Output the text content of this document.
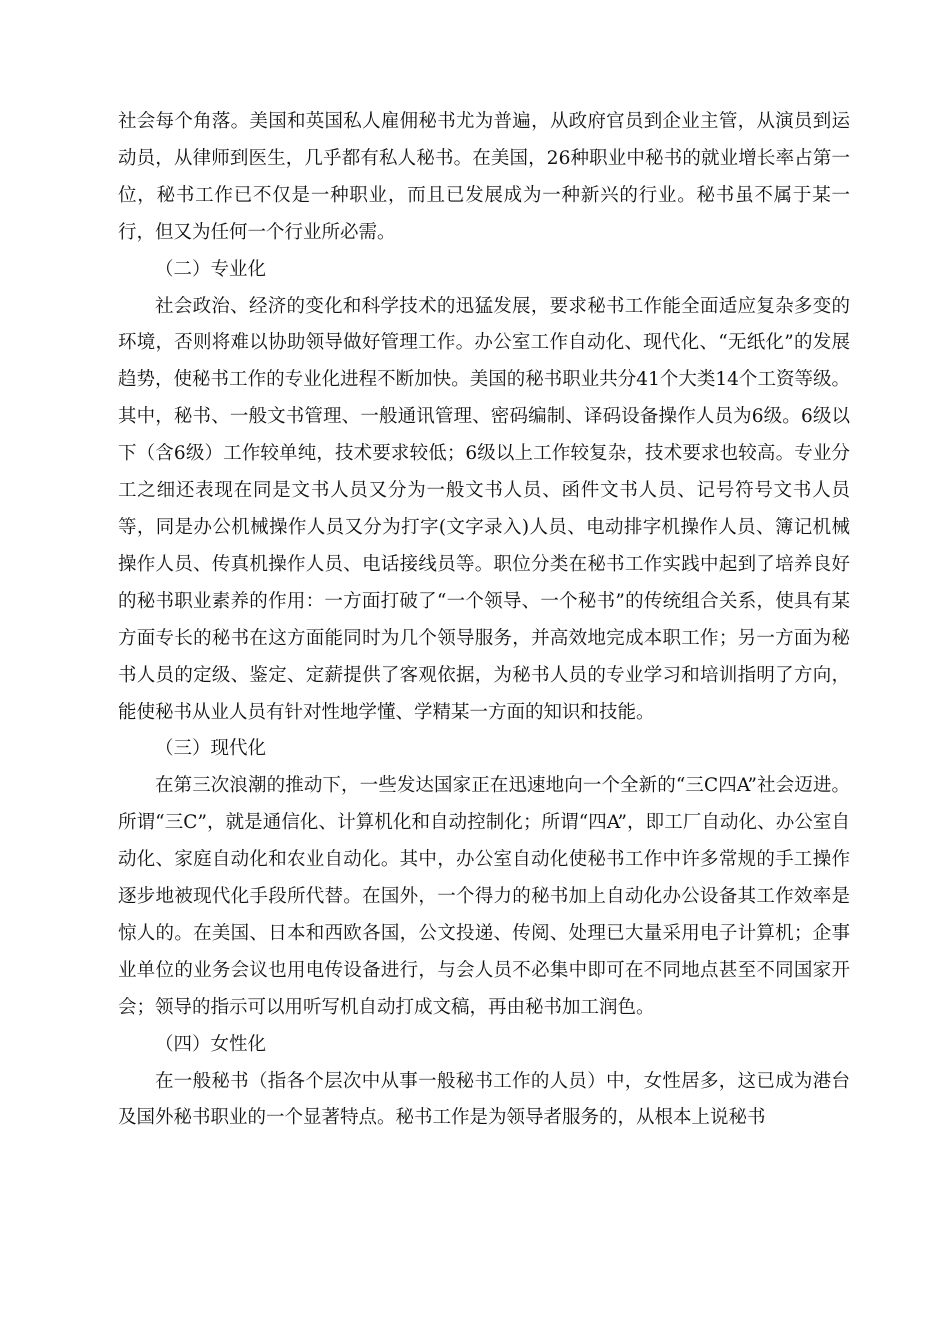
社会每个角落。美国和英国私人雇佣秘书尤为普遍，从政府官员到企业主管，从演员到运动员，从律师到医生，几乎都有私人秘书。在美国，26种职业中秘书的就业增长率占第一位，秘书工作已不仅是一种职业，而且已发展成为一种新兴的行业。秘书虽不属于某一行，但又为任何一个行业所必需。

（二）专业化

社会政治、经济的变化和科学技术的迅猛发展，要求秘书工作能全面适应复杂多变的环境，否则将难以协助领导做好管理工作。办公室工作自动化、现代化、“无纸化”的发展趋势，使秘书工作的专业化进程不断加快。美国的秘书职业共分41个大类14个工资等级。其中，秘书、一般文书管理、一般通讯管理、密码编制、译码设备操作人员为6级。6级以下（含6级）工作较单纯，技术要求较低；6级以上工作较复杂，技术要求也较高。专业分工之细还表现在同是文书人员又分为一般文书人员、函件文书人员、记号符号文书人员等，同是办公机械操作人员又分为打字(文字录入)人员、电动排字机操作人员、簿记机械操作人员、传真机操作人员、电话接线员等。职位分类在秘书工作实践中起到了培养良好的秘书职业素养的作用：一方面打破了“一个领导、一个秘书”的传统组合关系，使具有某方面专长的秘书在这方面能同时为几个领导服务，并高效地完成本职工作；另一方面为秘书人员的定级、鉴定、定薪提供了客观依据，为秘书人员的专业学习和培训指明了方向，能使秘书从业人员有针对性地学懂、学精某一方面的知识和技能。

（三）现代化

在第三次浪潮的推动下，一些发达国家正在迅速地向一个全新的“三C四A”社会迈进。所谓“三C”，就是通信化、计算机化和自动控制化；所谓“四A”，即工厂自动化、办公室自动化、家庭自动化和农业自动化。其中，办公室自动化使秘书工作中许多常规的手工操作逐步地被现代化手段所代替。在国外，一个得力的秘书加上自动化办公设备其工作效率是惊人的。在美国、日本和西欧各国，公文投递、传阅、处理已大量采用电子计算机；企事业单位的业务会议也用电传设备进行，与会人员不必集中即可在不同地点甚至不同国家开会；领导的指示可以用听写机自动打成文稿，再由秘书加工润色。

（四）女性化

在一般秘书（指各个层次中从事一般秘书工作的人员）中，女性居多，这已成为港台及国外秘书职业的一个显著特点。秘书工作是为领导者服务的，从根本上说秘书
